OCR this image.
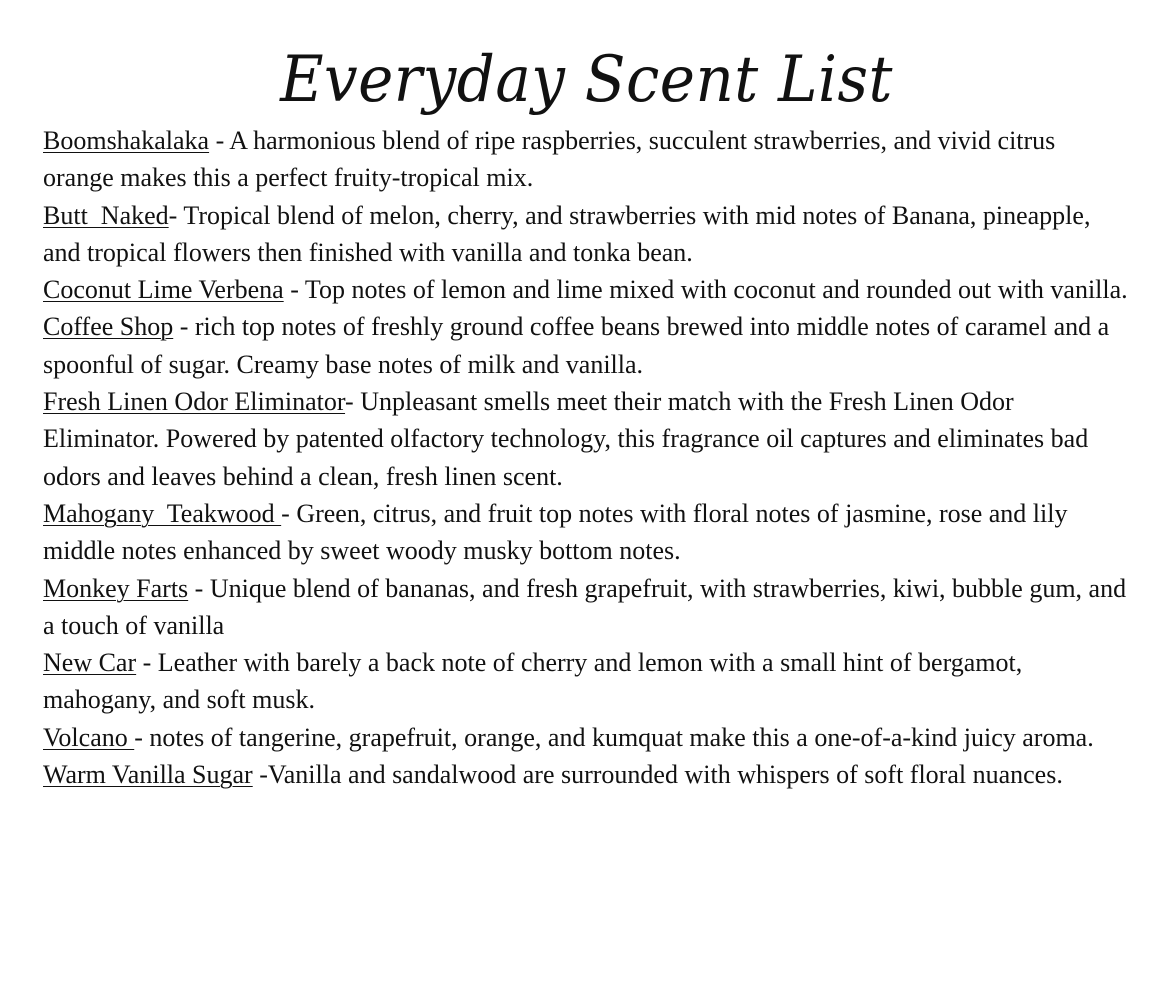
Everyday Scent List
Boomshakalaka - A harmonious blend of ripe raspberries, succulent strawberries, and vivid citrus orange makes this a perfect fruity-tropical mix.
Butt  Naked- Tropical blend of melon, cherry, and strawberries with mid notes of Banana, pineapple, and tropical flowers then finished with vanilla and tonka bean.
Coconut Lime Verbena - Top notes of lemon and lime mixed with coconut and rounded out with vanilla.
Coffee Shop - rich top notes of freshly ground coffee beans brewed into middle notes of caramel and a spoonful of sugar. Creamy base notes of milk and vanilla.
Fresh Linen Odor Eliminator- Unpleasant smells meet their match with the Fresh Linen Odor Eliminator. Powered by patented olfactory technology, this fragrance oil captures and eliminates bad odors and leaves behind a clean, fresh linen scent.
Mahogany  Teakwood - Green, citrus, and fruit top notes with floral notes of jasmine, rose and lily middle notes enhanced by sweet woody musky bottom notes.
Monkey Farts - Unique blend of bananas, and fresh grapefruit, with strawberries, kiwi, bubble gum, and a touch of vanilla
New Car - Leather with barely a back note of cherry and lemon with a small hint of bergamot, mahogany, and soft musk.
Volcano - notes of tangerine, grapefruit, orange, and kumquat make this a one-of-a-kind juicy aroma.
Warm Vanilla Sugar -Vanilla and sandalwood are surrounded with whispers of soft floral nuances.
